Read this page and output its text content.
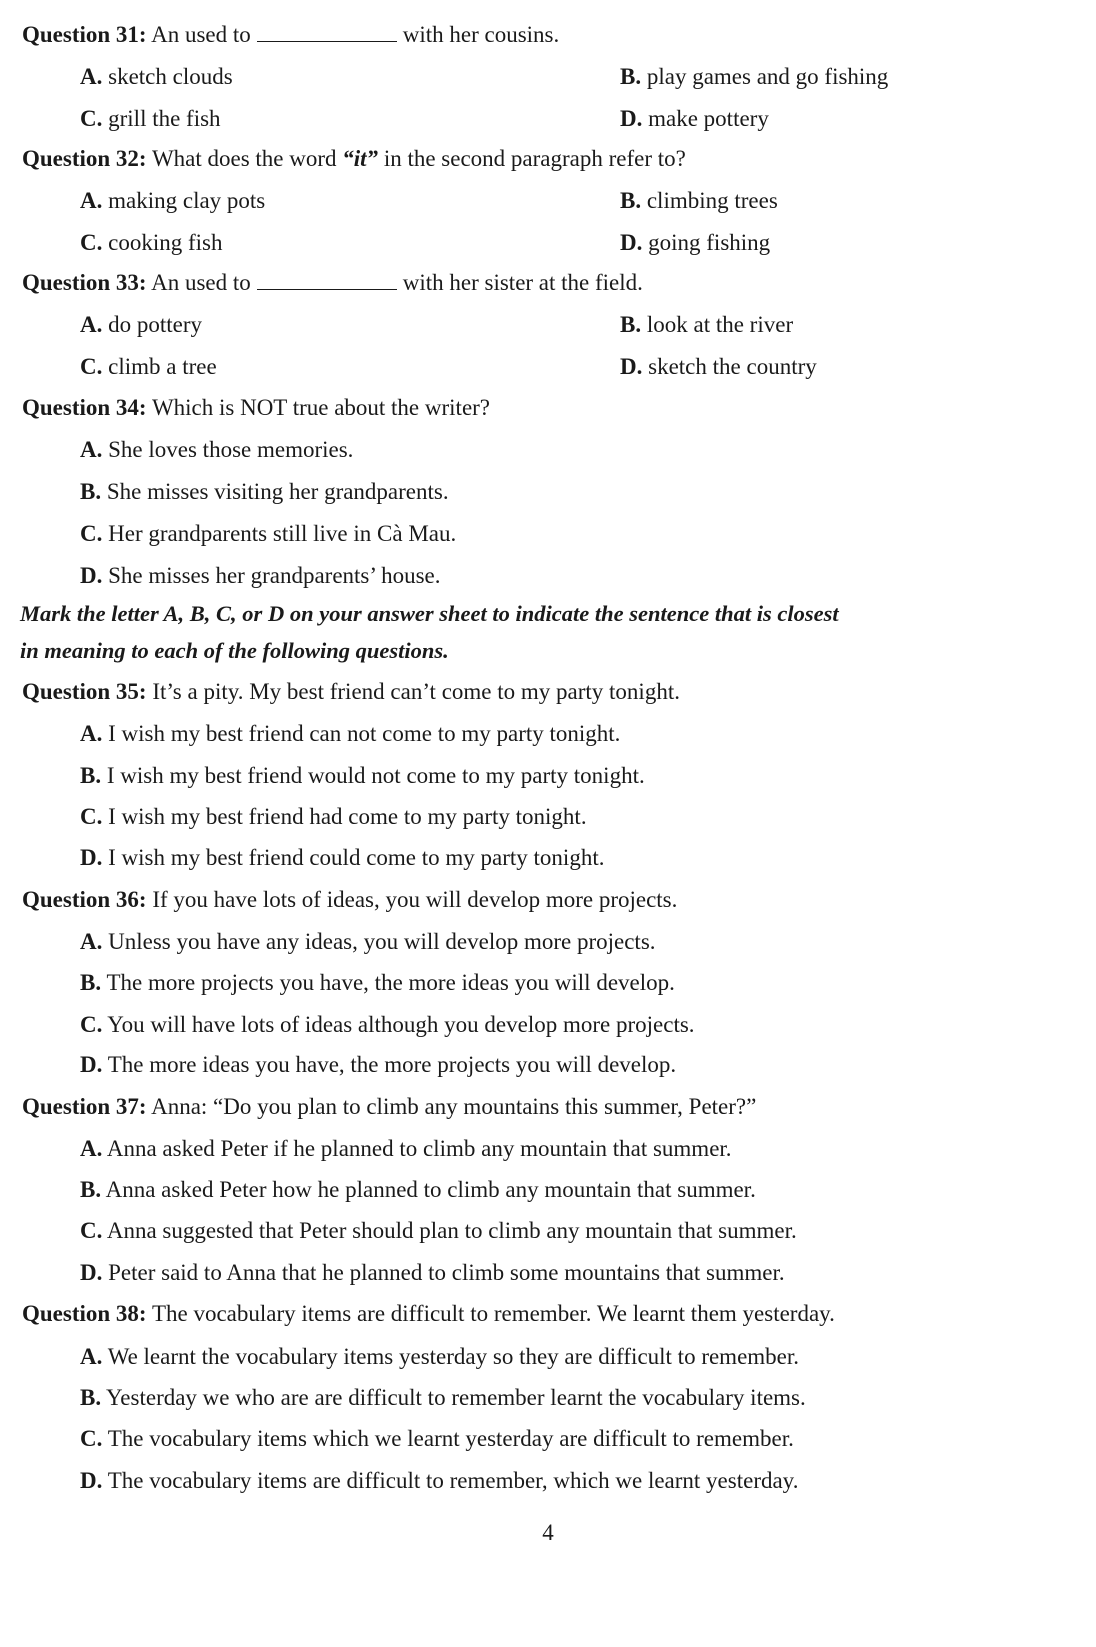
Question 31: An used to	with her cousins.
A. sketch clouds	B. play games and go fishing
C. grill the fish	D. make pottery
Question 32: What does the word “it” in the second paragraph refer to?
A. making clay pots	B. climbing trees
C. cooking fish	D. going fishing
Question 33: An used to	with her sister at the field.
A. do pottery	B. look at the river
C. climb a tree	D. sketch the country
Question 34: Which is NOT true about the writer?
A. She loves those memories.
B. She misses visiting her grandparents.
C. Her grandparents still live in Cà Mau.
D. She misses her grandparents’ house.
Mark the letter A, B, C, or D on your answer sheet to indicate the sentence that is closest
in meaning to each of the following questions.
Question 35: It’s a pity. My best friend can’t come to my party tonight.
A. I wish my best friend can not come to my party tonight.
B. I wish my best friend would not come to my party tonight.
C. I wish my best friend had come to my party tonight.
D. I wish my best friend could come to my party tonight.
Question 36: If you have lots of ideas, you will develop more projects.
A. Unless you have any ideas, you will develop more projects.
B. The more projects you have, the more ideas you will develop.
C. You will have lots of ideas although you develop more projects.
D. The more ideas you have, the more projects you will develop.
Question 37: Anna: “Do you plan to climb any mountains this summer, Peter?”
A. Anna asked Peter if he planned to climb any mountain that summer.
B. Anna asked Peter how he planned to climb any mountain that summer.
C. Anna suggested that Peter should plan to climb any mountain that summer.
D. Peter said to Anna that he planned to climb some mountains that summer.
Question 38: The vocabulary items are difficult to remember. We learnt them yesterday.
A. We learnt the vocabulary items yesterday so they are difficult to remember.
B. Yesterday we who are are difficult to remember learnt the vocabulary items.
C. The vocabulary items which we learnt yesterday are difficult to remember.
D. The vocabulary items are difficult to remember, which we learnt yesterday.
4
